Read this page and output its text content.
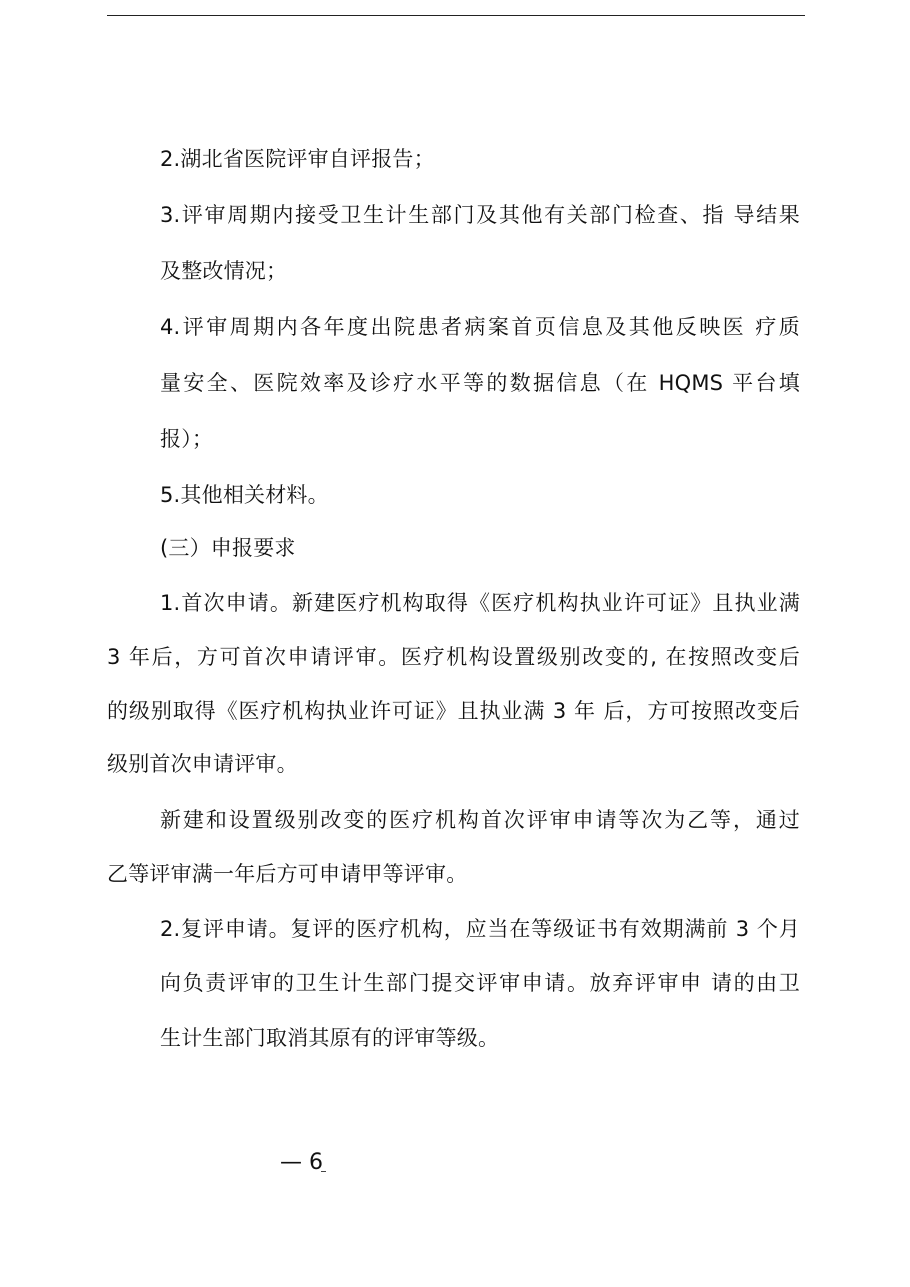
2.湖北省医院评审自评报告；
3.评审周期内接受卫生计生部门及其他有关部门检查、指 导结果
及整改情况；
4.评审周期内各年度出院患者病案首页信息及其他反映医 疗质
量安全、医院效率及诊疗水平等的数据信息（在 HQMS 平台填
报）；
5.其他相关材料。
(三）申报要求
1.首次申请。新建医疗机构取得《医疗机构执业许可证》且执业满
3 年后，方可首次申请评审。医疗机构设置级别改变的, 在按照改变后
的级别取得《医疗机构执业许可证》且执业满 3 年 后，方可按照改变后
级别首次申请评审。
新建和设置级别改变的医疗机构首次评审申请等次为乙等，通过
乙等评审满一年后方可申请甲等评审。
2.复评申请。复评的医疗机构，应当在等级证书有效期满前 3 个月
向负责评审的卫生计生部门提交评审申请。放弃评审申 请的由卫
生计生部门取消其原有的评审等级。
— 6
